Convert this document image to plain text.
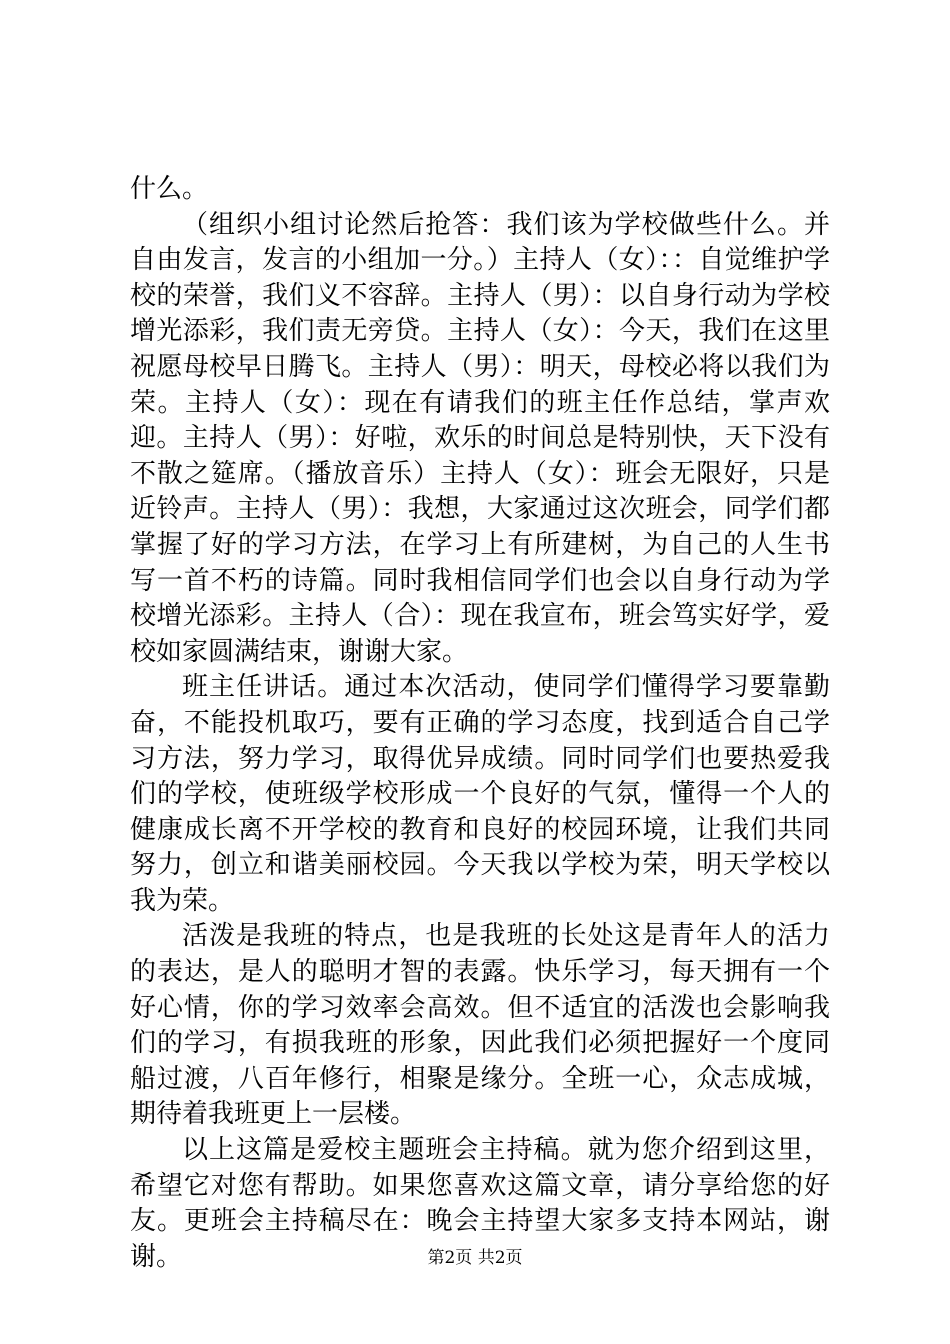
什么。

（组织小组讨论然后抢答：我们该为学校做些什么。并自由发言，发言的小组加一分。）主持人（女）：：自觉维护学校的荣誉，我们义不容辞。主持人（男）：以自身行动为学校增光添彩，我们责无旁贷。主持人（女）：今天，我们在这里祝愿母校早日腾飞。主持人（男）：明天，母校必将以我们为荣。主持人（女）：现在有请我们的班主任作总结，掌声欢迎。主持人（男）：好啦，欢乐的时间总是特别快，天下没有不散之筵席。（播放音乐）主持人（女）：班会无限好，只是近铃声。主持人（男）：我想，大家通过这次班会，同学们都掌握了好的学习方法，在学习上有所建树，为自己的人生书写一首不朽的诗篇。同时我相信同学们也会以自身行动为学校增光添彩。主持人（合）：现在我宣布，班会笃实好学，爱校如家圆满结束，谢谢大家。

班主任讲话。通过本次活动，使同学们懂得学习要靠勤奋，不能投机取巧，要有正确的学习态度，找到适合自己学习方法，努力学习，取得优异成绩。同时同学们也要热爱我们的学校，使班级学校形成一个良好的气氛，懂得一个人的健康成长离不开学校的教育和良好的校园环境，让我们共同努力，创立和谐美丽校园。今天我以学校为荣，明天学校以我为荣。

活泼是我班的特点，也是我班的长处这是青年人的活力的表达，是人的聪明才智的表露。快乐学习，每天拥有一个好心情，你的学习效率会高效。但不适宜的活泼也会影响我们的学习，有损我班的形象，因此我们必须把握好一个度同船过渡，八百年修行，相聚是缘分。全班一心，众志成城，期待着我班更上一层楼。

以上这篇是爱校主题班会主持稿。就为您介绍到这里，希望它对您有帮助。如果您喜欢这篇文章，请分享给您的好友。更班会主持稿尽在：晚会主持望大家多支持本网站，谢谢。	第2页 共2页
